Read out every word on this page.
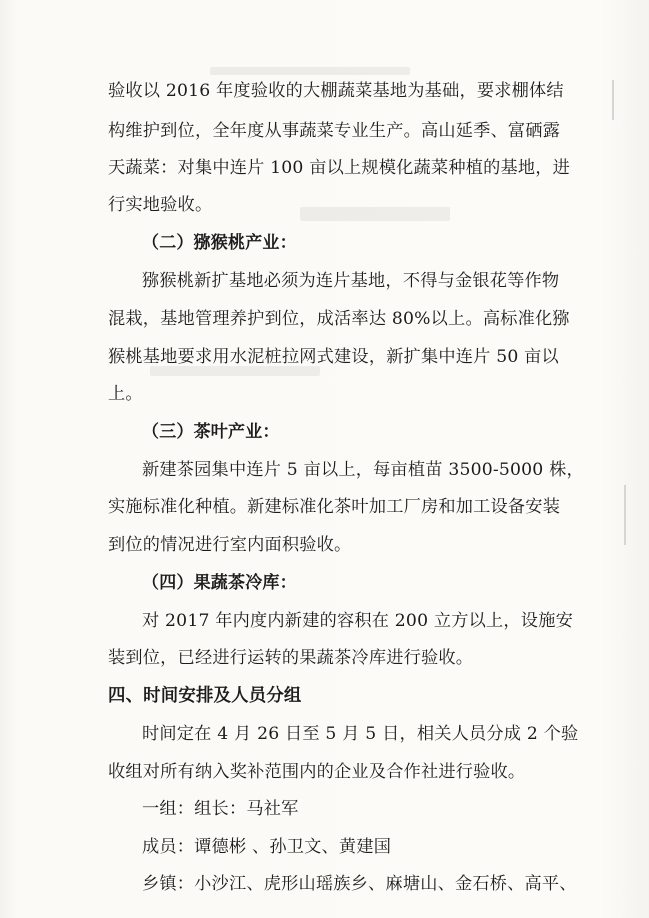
验收以 2016 年度验收的大棚蔬菜基地为基础，要求棚体结
构维护到位，全年度从事蔬菜专业生产。高山延季、富硒露
天蔬菜：对集中连片 100 亩以上规模化蔬菜种植的基地，进
行实地验收。
（二）猕猴桃产业：
猕猴桃新扩基地必须为连片基地，不得与金银花等作物
混栽，基地管理养护到位，成活率达 80%以上。高标准化猕
猴桃基地要求用水泥桩拉网式建设，新扩集中连片 50 亩以
上。
（三）茶叶产业：
新建茶园集中连片 5 亩以上，每亩植苗 3500-5000 株，
实施标准化种植。新建标准化茶叶加工厂房和加工设备安装
到位的情况进行室内面积验收。
（四）果蔬茶冷库：
对 2017 年内度内新建的容积在 200 立方以上，设施安
装到位，已经进行运转的果蔬茶冷库进行验收。
四、时间安排及人员分组
时间定在 4 月 26 日至 5 月 5 日，相关人员分成 2 个验
收组对所有纳入奖补范围内的企业及合作社进行验收。
一组：组长：马社军
成员：谭德彬 、孙卫文、黄建国
乡镇：小沙江、虎形山瑶族乡、麻塘山、金石桥、高平、
